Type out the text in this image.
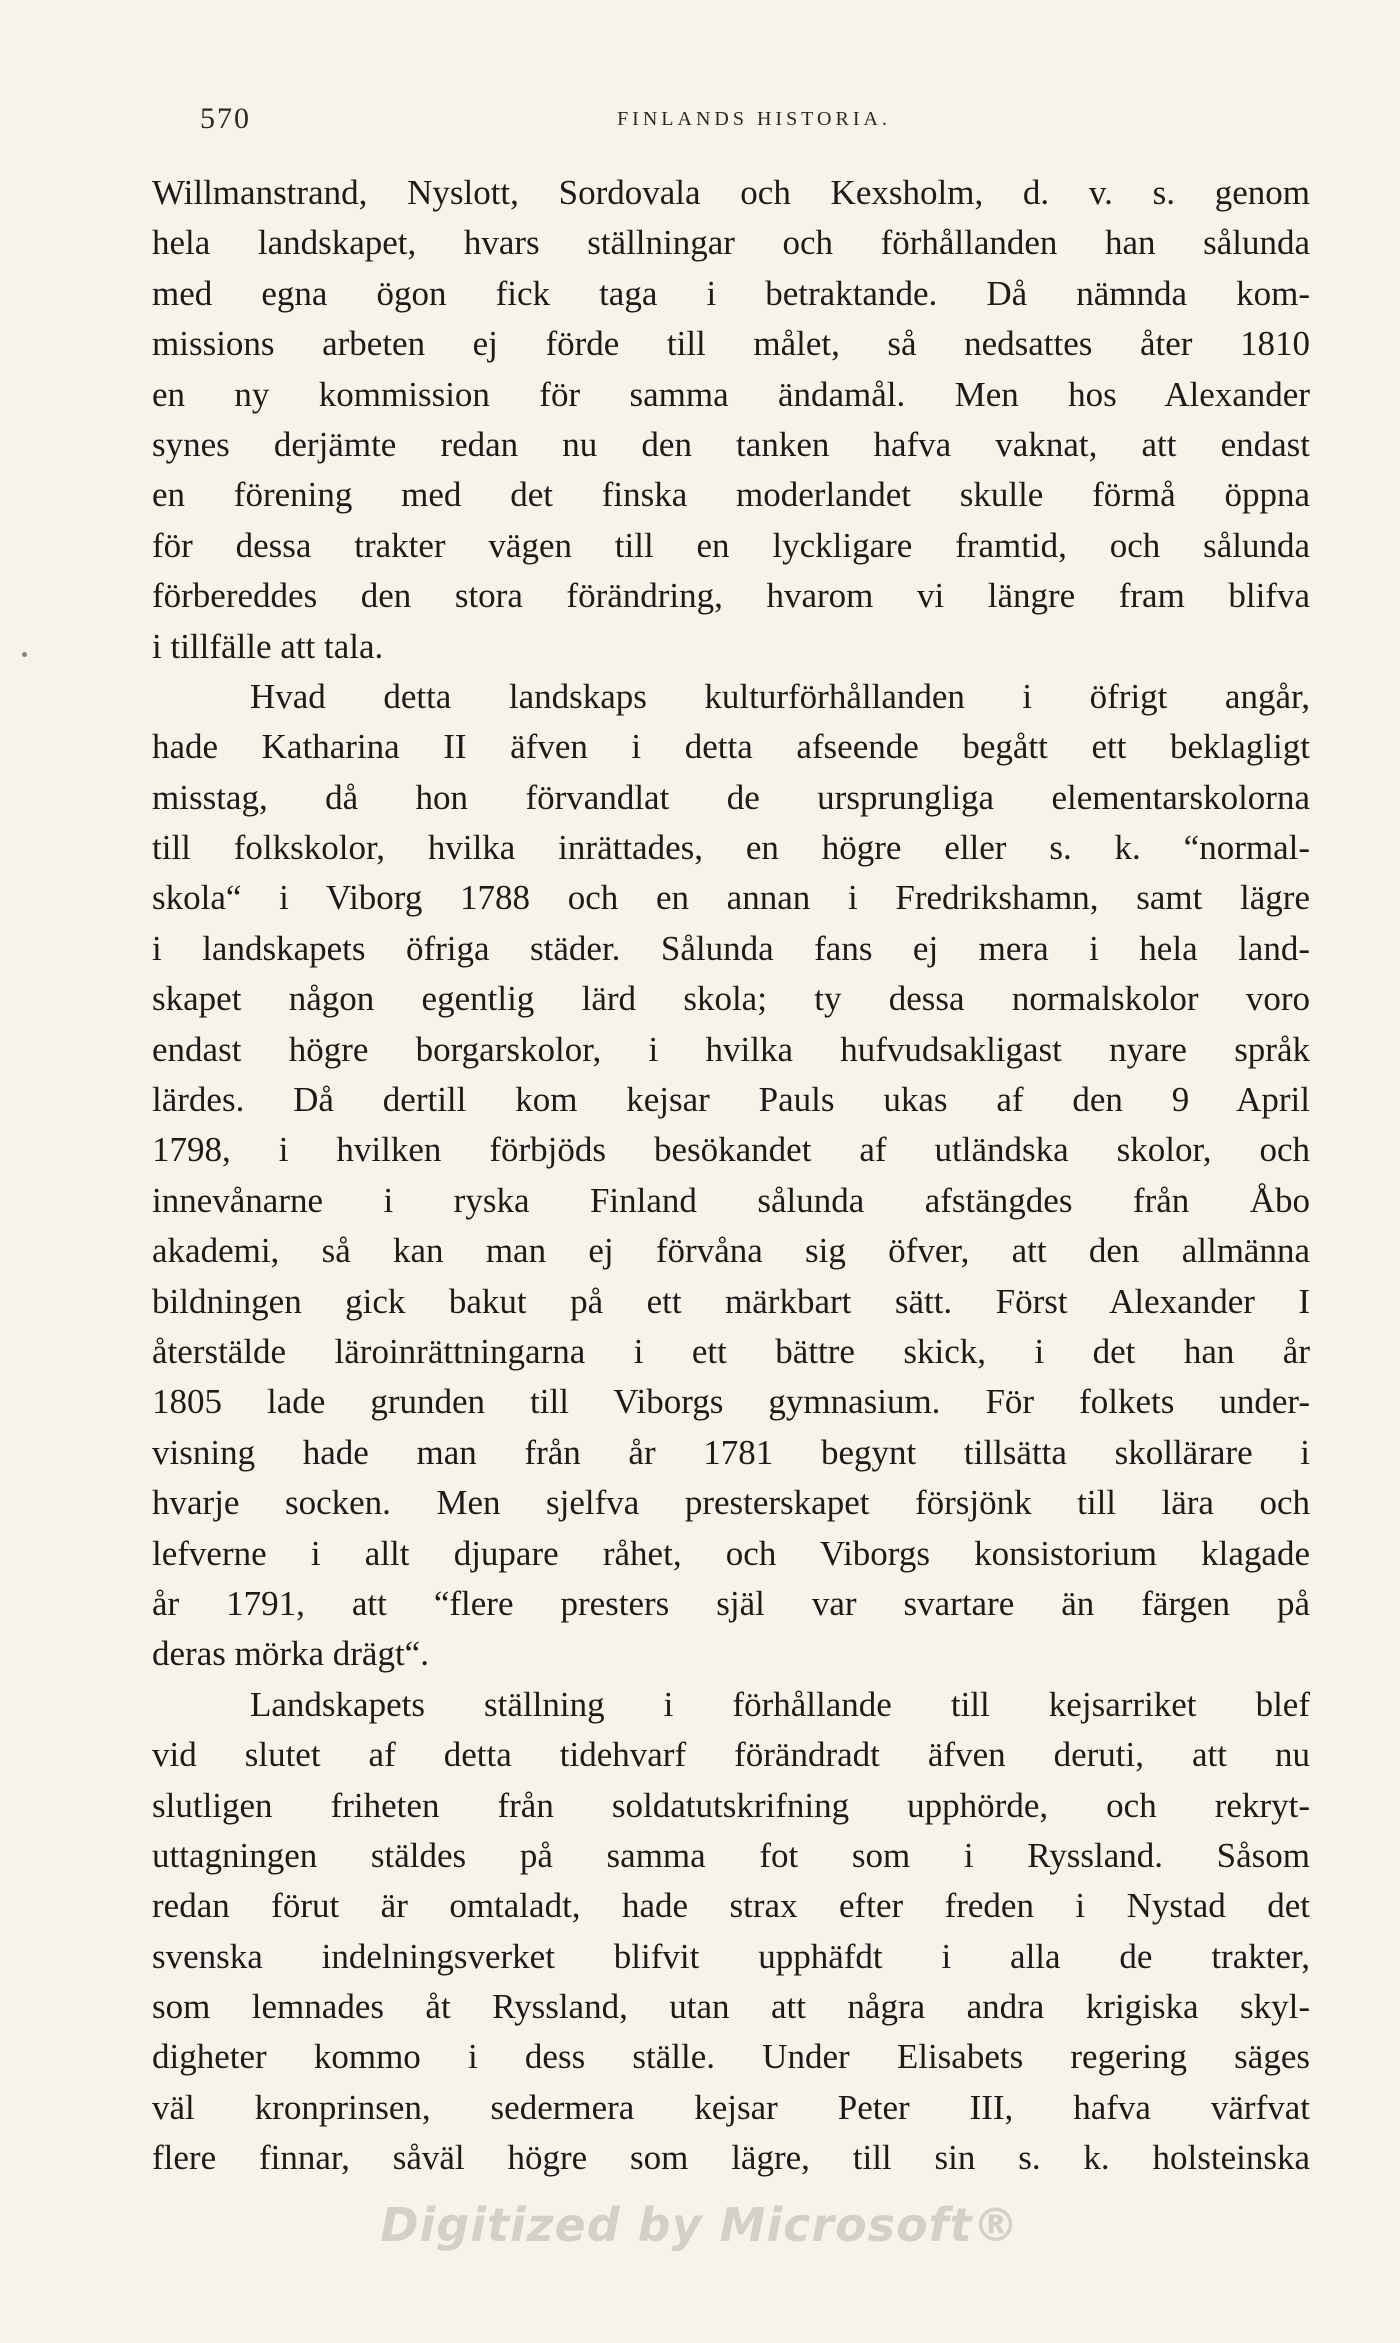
570	FINLANDS HISTORIA.
Willmanstrand, Nyslott, Sordovala och Kexsholm, d. v. s. genom
hela landskapet, hvars ställningar och förhållanden han sålunda
med egna ögon fick taga i betraktande. Då nämnda kom-
missions arbeten ej förde till målet, så nedsattes åter 1810
en ny kommission för samma ändamål. Men hos Alexander
synes derjämte redan nu den tanken hafva vaknat, att endast
en förening med det finska moderlandet skulle förmå öppna
för dessa trakter vägen till en lyckligare framtid, och sålunda
förbereddes den stora förändring, hvarom vi längre fram blifva
i tillfälle att tala.
Hvad detta landskaps kulturförhållanden i öfrigt angår,
hade Katharina II äfven i detta afseende begått ett beklagligt
misstag, då hon förvandlat de ursprungliga elementarskolorna
till folkskolor, hvilka inrättades, en högre eller s. k. “normal-
skola“ i Viborg 1788 och en annan i Fredrikshamn, samt lägre
i landskapets öfriga städer. Sålunda fans ej mera i hela land-
skapet någon egentlig lärd skola; ty dessa normalskolor voro
endast högre borgarskolor, i hvilka hufvudsakligast nyare språk
lärdes. Då dertill kom kejsar Pauls ukas af den 9 April
1798, i hvilken förbjöds besökandet af utländska skolor, och
innevånarne i ryska Finland sålunda afstängdes från Åbo
akademi, så kan man ej förvåna sig öfver, att den allmänna
bildningen gick bakut på ett märkbart sätt. Först Alexander I
återstälde läroinrättningarna i ett bättre skick, i det han år
1805 lade grunden till Viborgs gymnasium. För folkets under-
visning hade man från år 1781 begynt tillsätta skollärare i
hvarje socken. Men sjelfva presterskapet försjönk till lära och
lefverne i allt djupare råhet, och Viborgs konsistorium klagade
år 1791, att “flere presters själ var svartare än färgen på
deras mörka drägt“.
Landskapets ställning i förhållande till kejsarriket blef
vid slutet af detta tidehvarf förändradt äfven deruti, att nu
slutligen friheten från soldatutskrifning upphörde, och rekryt-
uttagningen stäldes på samma fot som i Ryssland. Såsom
redan förut är omtaladt, hade strax efter freden i Nystad det
svenska indelningsverket blifvit upphäfdt i alla de trakter,
som lemnades åt Ryssland, utan att några andra krigiska skyl-
digheter kommo i dess ställe. Under Elisabets regering säges
väl kronprinsen, sedermera kejsar Peter III, hafva värfvat
flere finnar, såväl högre som lägre, till sin s. k. holsteinska
Digitized by Microsoft®
